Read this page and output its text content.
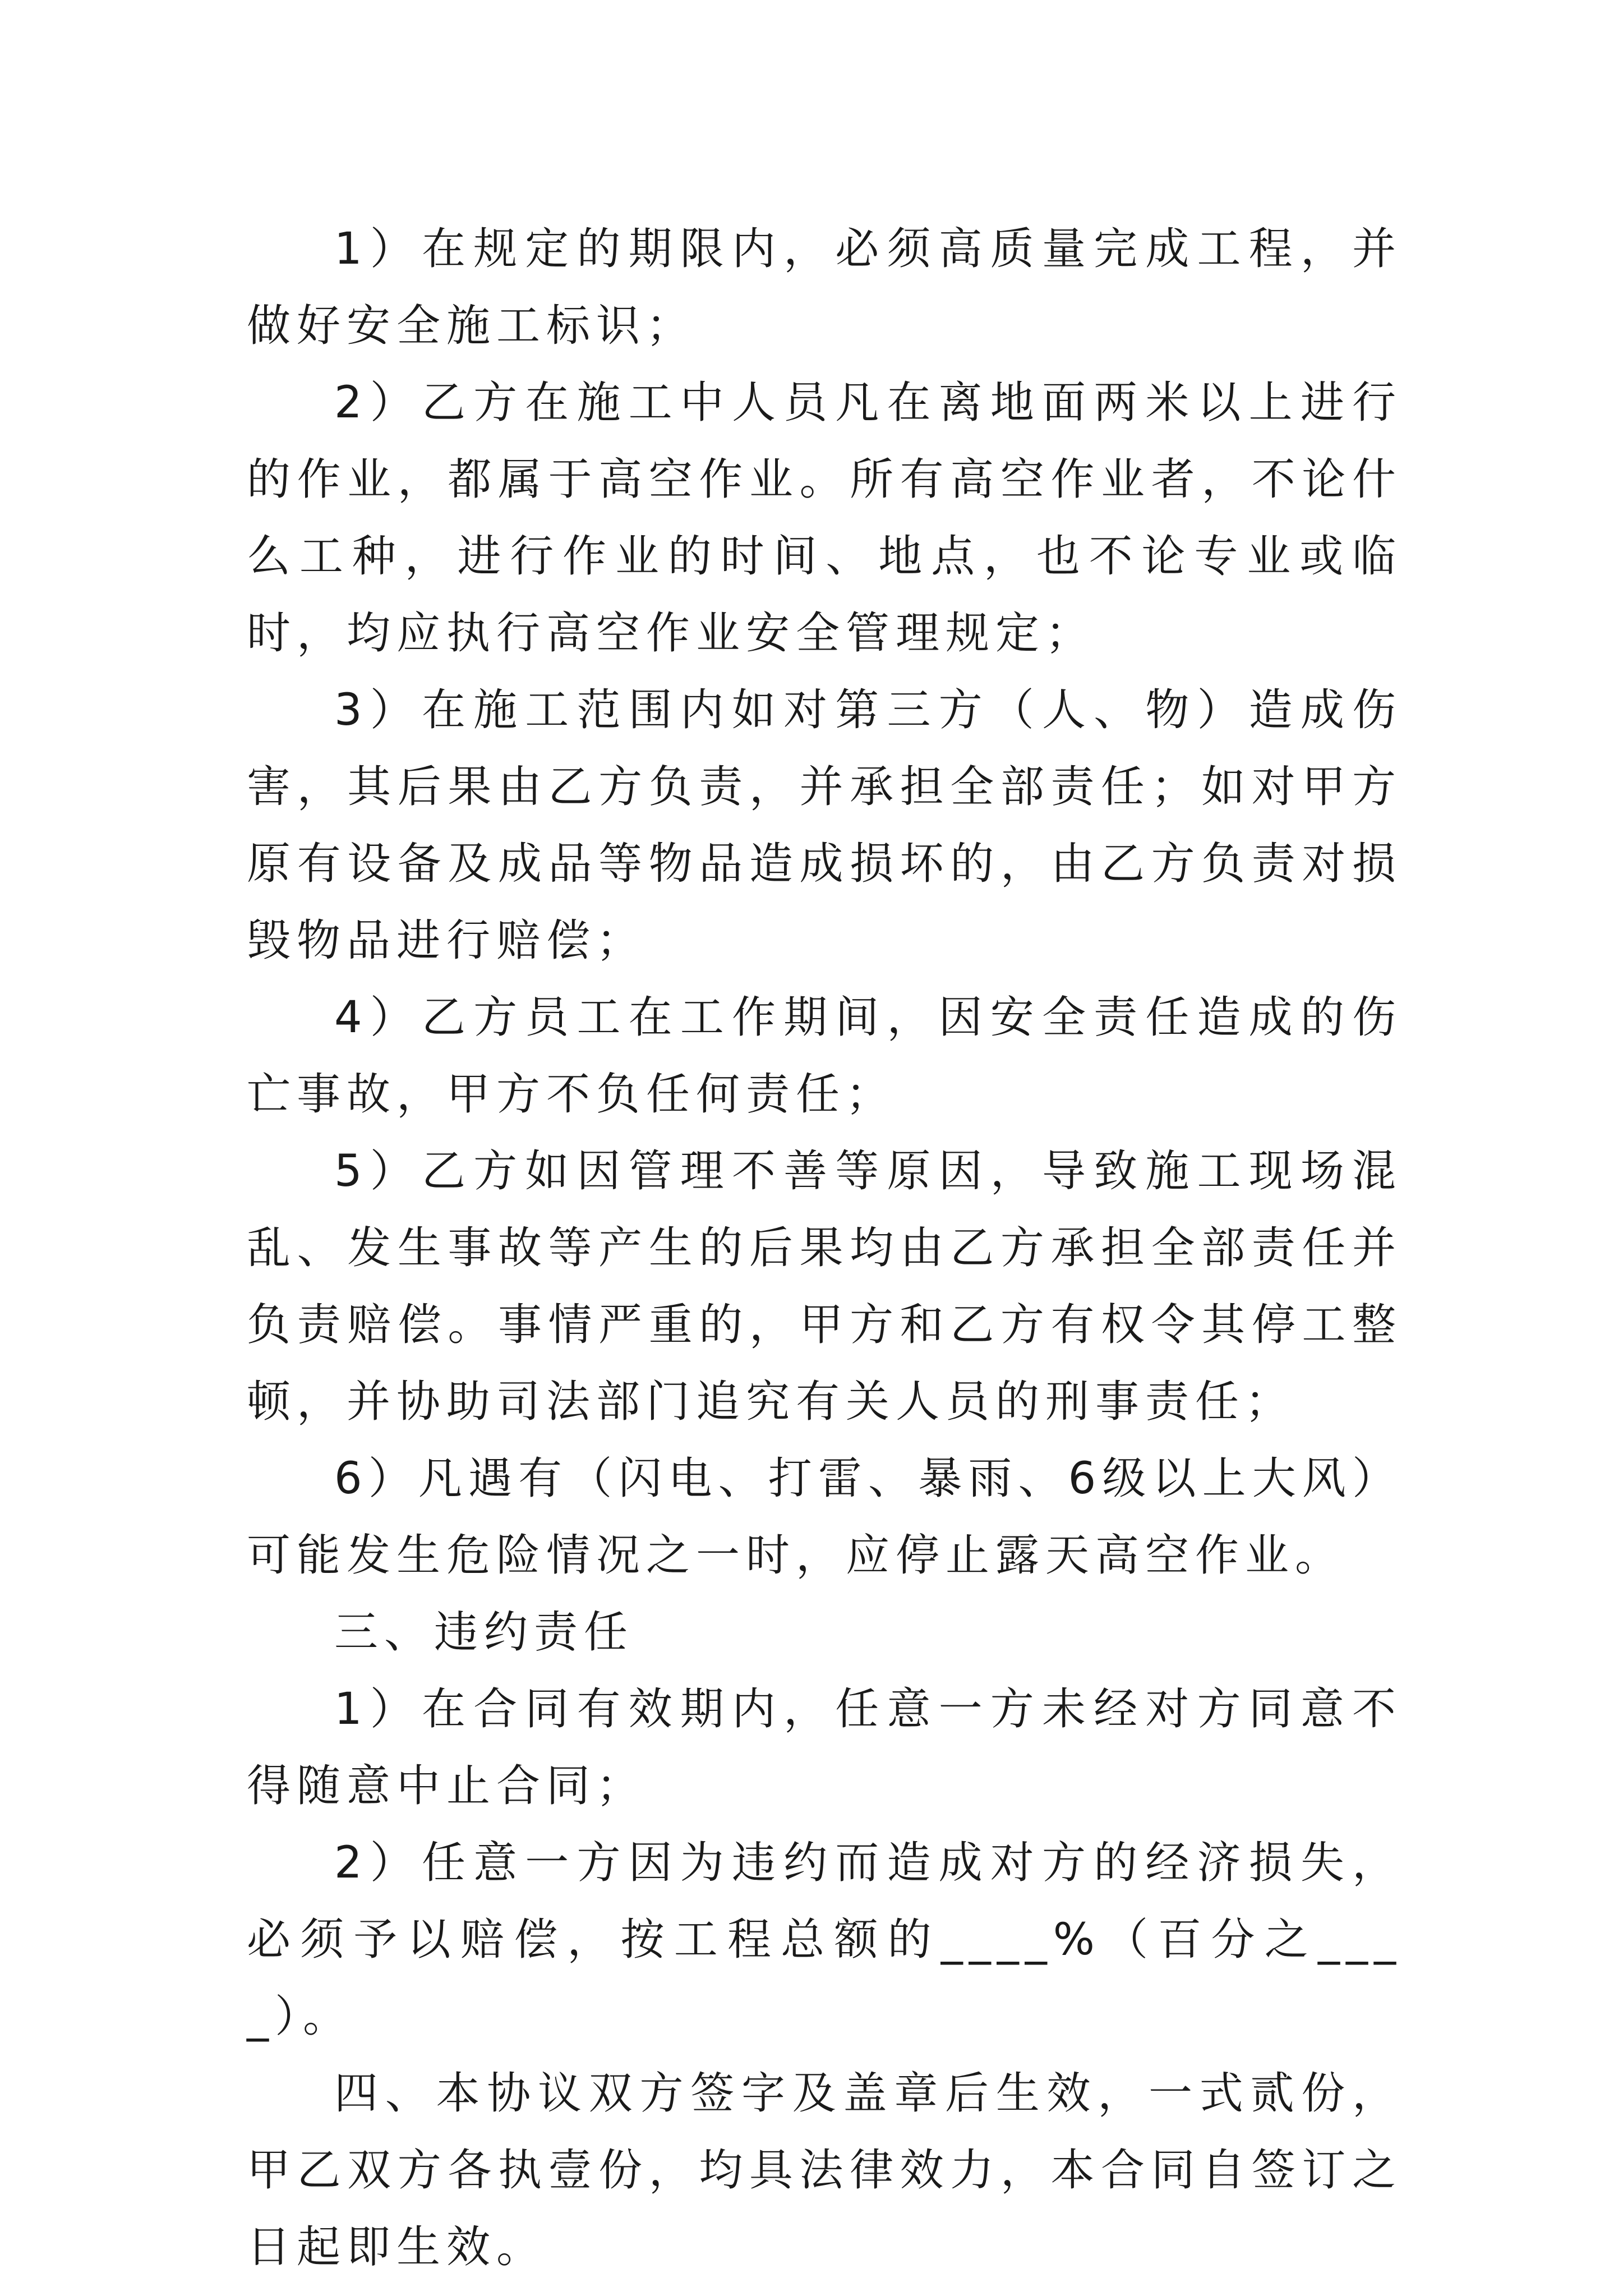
1）在规定的期限内，必须高质量完成工程，并做好安全施工标识；

2）乙方在施工中人员凡在离地面两米以上进行的作业，都属于高空作业。所有高空作业者，不论什么工种，进行作业的时间、地点，也不论专业或临时，均应执行高空作业安全管理规定；

3）在施工范围内如对第三方（人、物）造成伤害，其后果由乙方负责，并承担全部责任；如对甲方原有设备及成品等物品造成损坏的，由乙方负责对损毁物品进行赔偿；

4）乙方员工在工作期间，因安全责任造成的伤亡事故，甲方不负任何责任；

5）乙方如因管理不善等原因，导致施工现场混乱、发生事故等产生的后果均由乙方承担全部责任并负责赔偿。事情严重的，甲方和乙方有权令其停工整顿，并协助司法部门追究有关人员的刑事责任；

6）凡遇有（闪电、打雷、暴雨、6级以上大风）可能发生危险情况之一时，应停止露天高空作业。

三、违约责任

1）在合同有效期内，任意一方未经对方同意不得随意中止合同；

2）任意一方因为违约而造成对方的经济损失，必须予以赔偿，按工程总额的____%（百分之____）。

四、本协议双方签字及盖章后生效，一式贰份，甲乙双方各执壹份，均具法律效力，本合同自签订之日起即生效。
